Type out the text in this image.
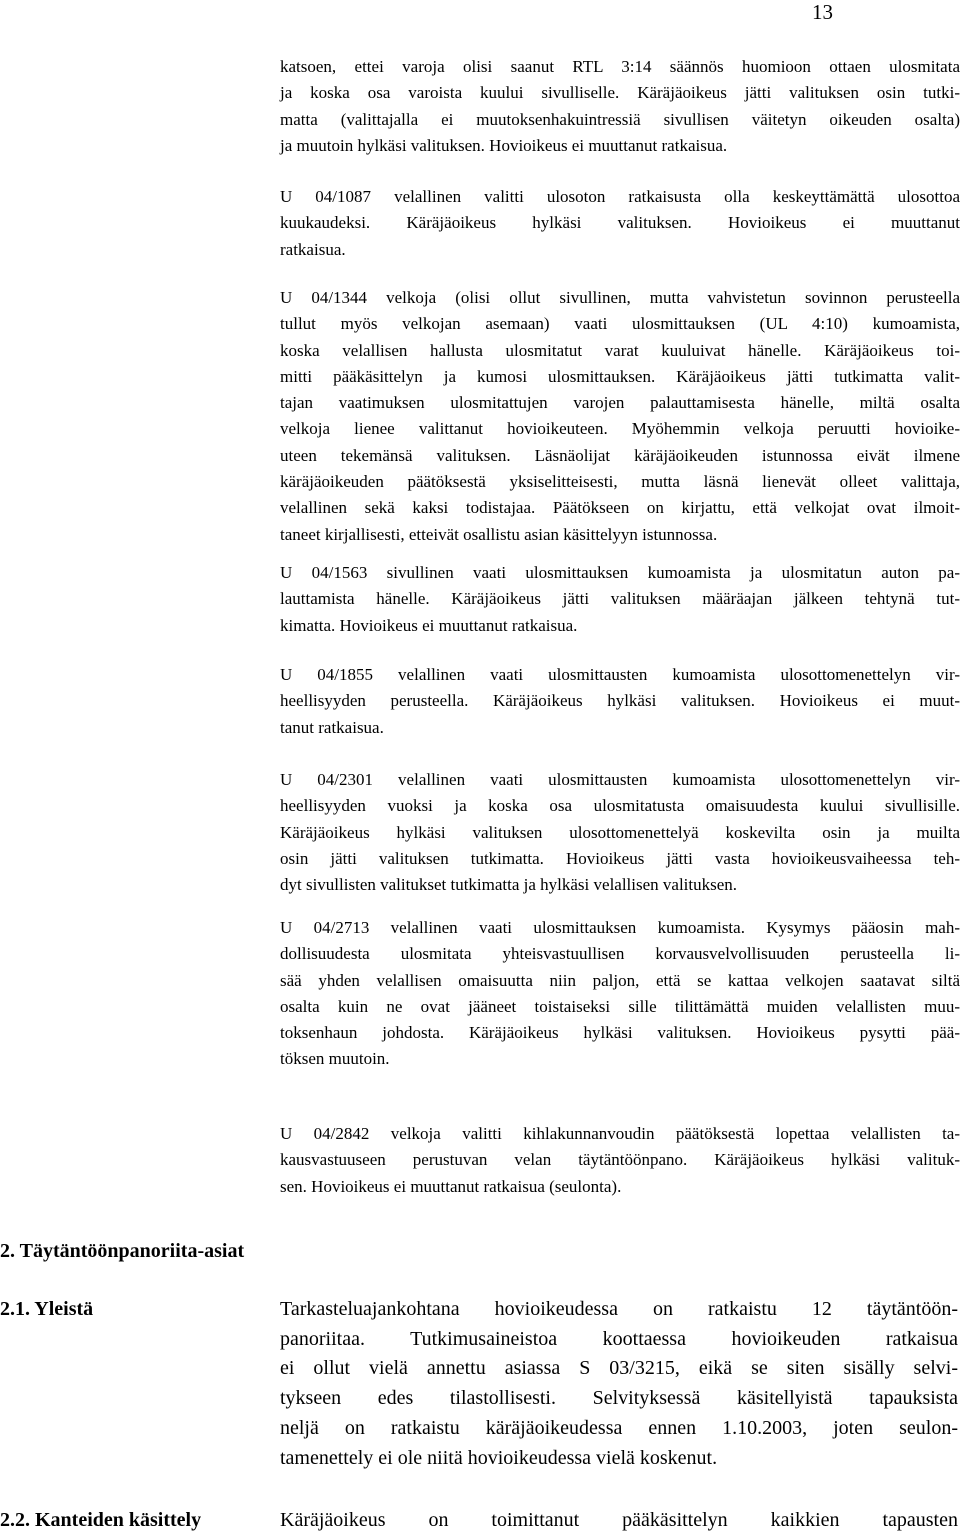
13
katsoen, ettei varoja olisi saanut RTL 3:14 säännös huomioon ottaen ulosmitata
ja koska osa varoista kuului sivulliselle. Käräjäoikeus jätti valituksen osin tutki-
matta (valittajalla ei muutoksenhakuintressiä sivullisen väitetyn oikeuden osalta)
ja muutoin hylkäsi valituksen. Hovioikeus ei muuttanut ratkaisua.
U 04/1087 velallinen valitti ulosoton ratkaisusta olla keskeyttämättä ulosottoa
kuukaudeksi. Käräjäoikeus hylkäsi valituksen. Hovioikeus ei muuttanut
ratkaisua.
U 04/1344 velkoja (olisi ollut sivullinen, mutta vahvistetun sovinnon perusteella
tullut myös velkojan asemaan) vaati ulosmittauksen (UL 4:10) kumoamista,
koska velallisen hallusta ulosmitatut varat kuuluivat hänelle. Käräjäoikeus toi-
mitti pääkäsittelyn ja kumosi ulosmittauksen. Käräjäoikeus jätti tutkimatta valit-
tajan vaatimuksen ulosmitattujen varojen palauttamisesta hänelle, miltä osalta
velkoja lienee valittanut hovioikeuteen. Myöhemmin velkoja peruutti hovioike-
uteen tekemänsä valituksen. Läsnäolijat käräjäoikeuden istunnossa eivät ilmene
käräjäoikeuden päätöksestä yksiselitteisesti, mutta läsnä lienevät olleet valittaja,
velallinen sekä kaksi todistajaa. Päätökseen on kirjattu, että velkojat ovat ilmoit-
taneet kirjallisesti, etteivät osallistu asian käsittelyyn istunnossa.
U 04/1563 sivullinen vaati ulosmittauksen kumoamista ja ulosmitatun auton pa-
lauttamista hänelle. Käräjäoikeus jätti valituksen määräajan jälkeen tehtynä tut-
kimatta. Hovioikeus ei muuttanut ratkaisua.
U 04/1855 velallinen vaati ulosmittausten kumoamista ulosottomenettelyn vir-
heellisyyden perusteella. Käräjäoikeus hylkäsi valituksen. Hovioikeus ei muut-
tanut ratkaisua.
U 04/2301 velallinen vaati ulosmittausten kumoamista ulosottomenettelyn vir-
heellisyyden vuoksi ja koska osa ulosmitatusta omaisuudesta kuului sivullisille.
Käräjäoikeus hylkäsi valituksen ulosottomenettelyä koskevilta osin ja muilta
osin jätti valituksen tutkimatta. Hovioikeus jätti vasta hovioikeusvaiheessa teh-
dyt sivullisten valitukset tutkimatta ja hylkäsi velallisen valituksen.
U 04/2713 velallinen vaati ulosmittauksen kumoamista. Kysymys pääosin mah-
dollisuudesta ulosmitata yhteisvastuullisen korvausvelvollisuuden perusteella li-
sää yhden velallisen omaisuutta niin paljon, että se kattaa velkojen saatavat siltä
osalta kuin ne ovat jääneet toistaiseksi sille tilittämättä muiden velallisten muu-
toksenhaun johdosta. Käräjäoikeus hylkäsi valituksen. Hovioikeus pysytti pää-
töksen muutoin.
U 04/2842 velkoja valitti kihlakunnanvoudin päätöksestä lopettaa velallisten ta-
kausvastuuseen perustuvan velan täytäntöönpano. Käräjäoikeus hylkäsi valituk-
sen. Hovioikeus ei muuttanut ratkaisua (seulonta).
2. Täytäntöönpanoriita-asiat
2.1. Yleistä	Tarkasteluajankohtana hovioikeudessa on ratkaistu 12 täytäntöön-
panoriitaa. Tutkimusaineistoa koottaessa hovioikeuden ratkaisua
ei ollut vielä annettu asiassa S 03/3215, eikä se siten sisälly selvi-
tykseen edes tilastollisesti. Selvityksessä käsitellyistä tapauksista
neljä on ratkaistu käräjäoikeudessa ennen 1.10.2003, joten seulon-
tamenettely ei ole niitä hovioikeudessa vielä koskenut.
2.2. Kanteiden käsittely	Käräjäoikeus on toimittanut pääkäsittelyn kaikkien tapausten
